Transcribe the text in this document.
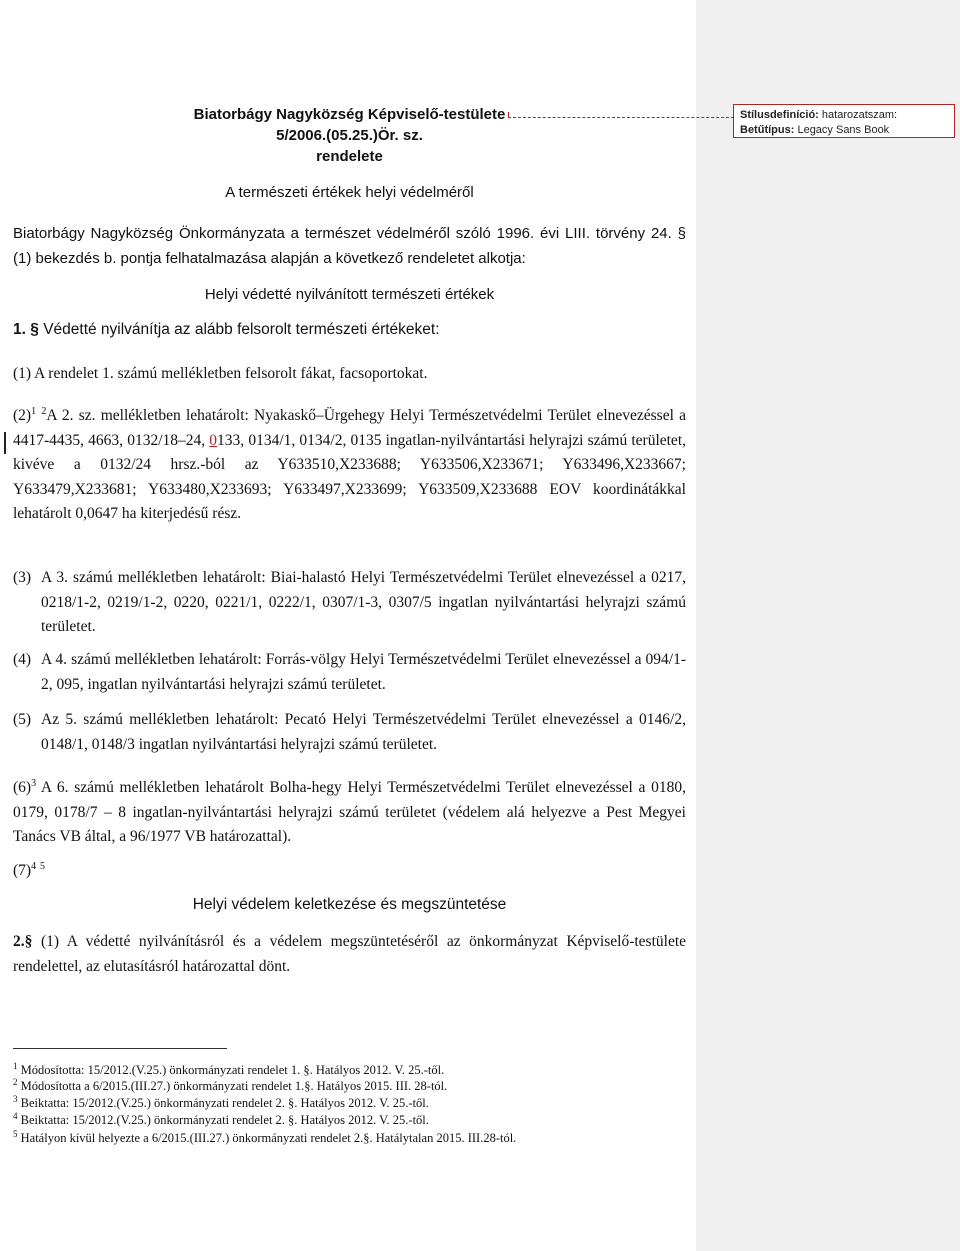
Biatorbágy Nagyközség Képviselő-testülete
5/2006.(05.25.)Ör. sz.
rendelete
A természeti értékek helyi védelméről
Biatorbágy Nagyközség Önkormányzata a természet védelméről szóló 1996. évi LIII. törvény 24. § (1) bekezdés b. pontja felhatalmazása alapján a következő rendeletet alkotja:
Helyi védetté nyilvánított természeti értékek
1. § Védetté nyilvánítja az alább felsorolt természeti értékeket:
(1) A rendelet 1. számú mellékletben felsorolt fákat, facsoportokat.
$(2)^1$ $^2$A 2. sz. mellékletben lehatárolt: Nyakaskő–Ürgehegy Helyi Természetvédelmi Terület elnevezéssel a 4417-4435, 4663, 0132/18–24, 0133, 0134/1, 0134/2, 0135 ingatlan-nyilvántartási helyrajzi számú területet, kivéve a 0132/24 hrsz.-ból az Y633510,X233688; Y633506,X233671; Y633496,X233667; Y633479,X233681; Y633480,X233693; Y633497,X233699; Y633509,X233688 EOV koordinátákkal lehatárolt 0,0647 ha kiterjedésű rész.
(3) A 3. számú mellékletben lehatárolt: Biai-halastó Helyi Természetvédelmi Terület elnevezéssel a 0217, 0218/1-2, 0219/1-2, 0220, 0221/1, 0222/1, 0307/1-3, 0307/5 ingatlan nyilvántartási helyrajzi számú területet.
(4) A 4. számú mellékletben lehatárolt: Forrás-völgy Helyi Természetvédelmi Terület elnevezéssel a 094/1-2, 095, ingatlan nyilvántartási helyrajzi számú területet.
(5) Az 5. számú mellékletben lehatárolt: Pecató Helyi Természetvédelmi Terület elnevezéssel a 0146/2, 0148/1, 0148/3 ingatlan nyilvántartási helyrajzi számú területet.
$(6)^3$ A 6. számú mellékletben lehatárolt Bolha-hegy Helyi Természetvédelmi Terület elnevezéssel a 0180, 0179, 0178/7 – 8 ingatlan-nyilvántartási helyrajzi számú területet (védelem alá helyezve a Pest Megyei Tanács VB által, a 96/1977 VB határozattal).
$(7)^4$ $^5$
Helyi védelem keletkezése és megszüntetése
2.§ (1) A védetté nyilvánításról és a védelem megszüntetéséről az önkormányzat Képviselő-testülete rendelettel, az elutasításról határozattal dönt.
$^1$ Módosította: 15/2012.(V.25.) önkormányzati rendelet 1. §. Hatályos 2012. V. 25.-től.
$^2$ Módosította a 6/2015.(III.27.) önkormányzati rendelet 1.§. Hatályos 2015. III. 28-tól.
$^3$ Beiktatta: 15/2012.(V.25.) önkormányzati rendelet 2. §. Hatályos 2012. V. 25.-től.
$^4$ Beiktatta: 15/2012.(V.25.) önkormányzati rendelet 2. §. Hatályos 2012. V. 25.-től.
$^5$ Hatályon kívül helyezte a 6/2015.(III.27.) önkormányzati rendelet 2.§. Hatálytalan 2015. III.28-tól.
Stílusdefiníció: hatarozatszam:
Betűtípus: Legacy Sans Book
